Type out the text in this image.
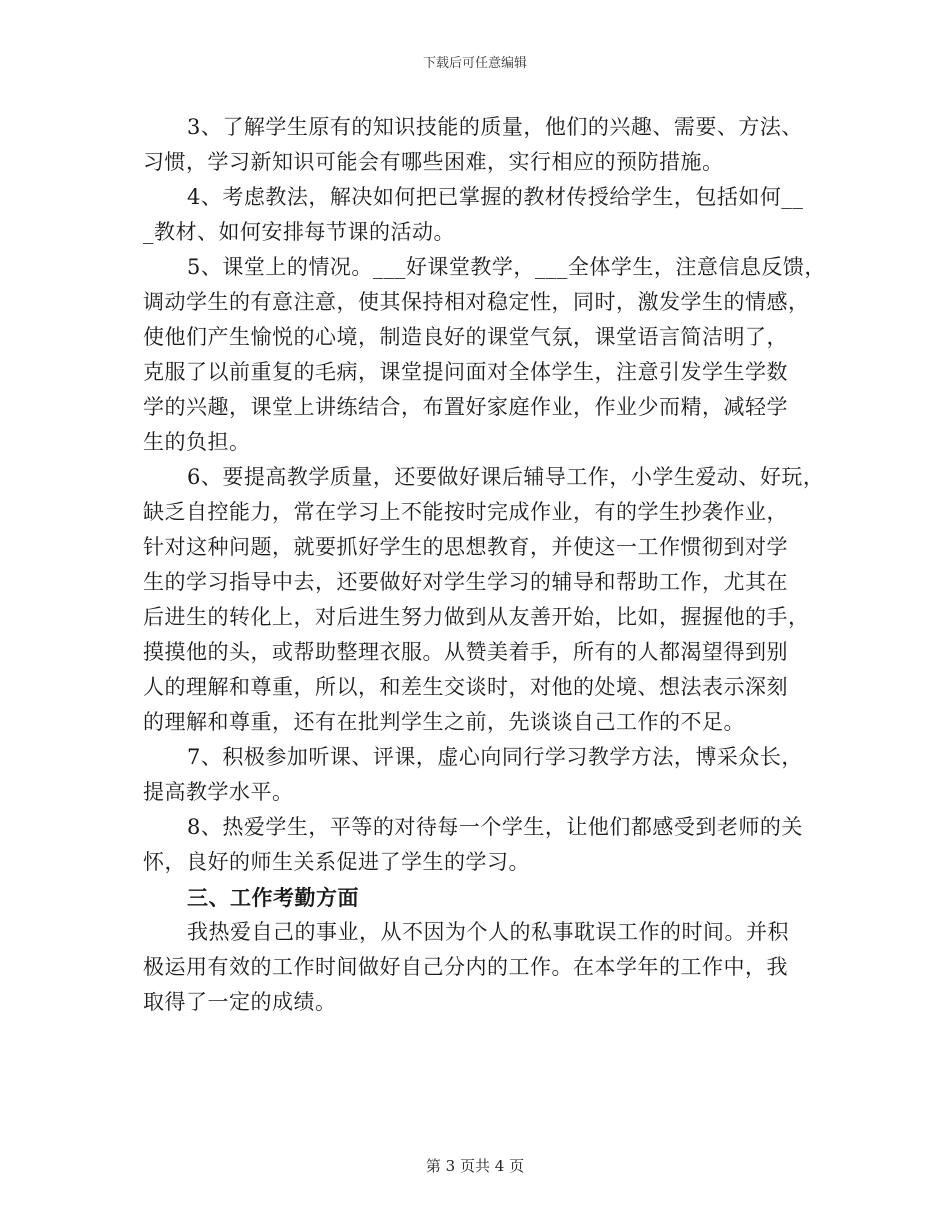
下载后可任意编辑
3、了解学生原有的知识技能的质量，他们的兴趣、需要、方法、
习惯，学习新知识可能会有哪些困难，实行相应的预防措施。
4、考虑教法，解决如何把已掌握的教材传授给学生，包括如何__
_教材、如何安排每节课的活动。
5、课堂上的情况。___好课堂教学，___全体学生，注意信息反馈，
调动学生的有意注意，使其保持相对稳定性，同时，激发学生的情感，
使他们产生愉悦的心境，制造良好的课堂气氛，课堂语言简洁明了，
克服了以前重复的毛病，课堂提问面对全体学生，注意引发学生学数
学的兴趣，课堂上讲练结合，布置好家庭作业，作业少而精，减轻学
生的负担。
6、要提高教学质量，还要做好课后辅导工作，小学生爱动、好玩，
缺乏自控能力，常在学习上不能按时完成作业，有的学生抄袭作业，
针对这种问题，就要抓好学生的思想教育，并使这一工作惯彻到对学
生的学习指导中去，还要做好对学生学习的辅导和帮助工作，尤其在
后进生的转化上，对后进生努力做到从友善开始，比如，握握他的手，
摸摸他的头，或帮助整理衣服。从赞美着手，所有的人都渴望得到别
人的理解和尊重，所以，和差生交谈时，对他的处境、想法表示深刻
的理解和尊重，还有在批判学生之前，先谈谈自己工作的不足。
7、积极参加听课、评课，虚心向同行学习教学方法，博采众长，
提高教学水平。
8、热爱学生，平等的对待每一个学生，让他们都感受到老师的关
怀，良好的师生关系促进了学生的学习。
三、工作考勤方面
我热爱自己的事业，从不因为个人的私事耽误工作的时间。并积
极运用有效的工作时间做好自己分内的工作。在本学年的工作中，我
取得了一定的成绩。
第 3 页共 4 页
